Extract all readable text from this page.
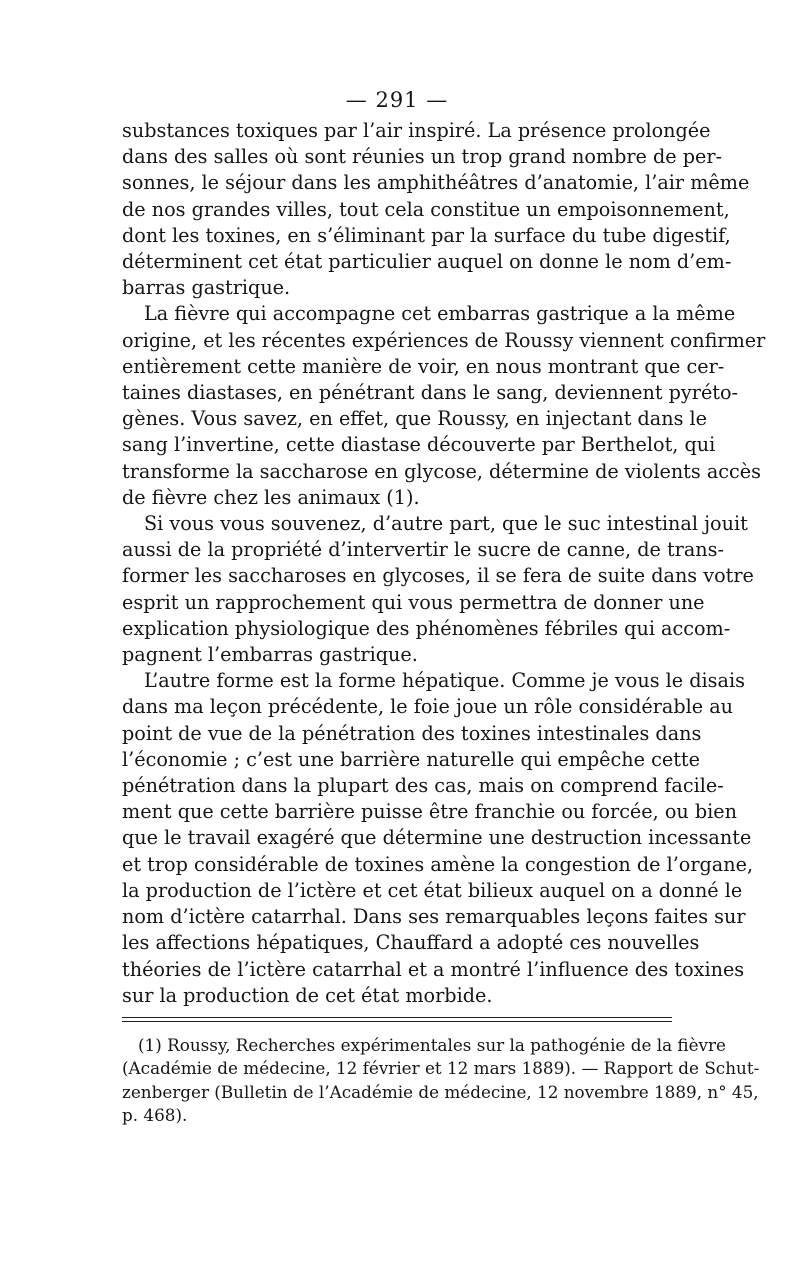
— 291 —
substances toxiques par l’air inspiré. La présence prolongée
dans des salles où sont réunies un trop grand nombre de per-
sonnes, le séjour dans les amphithéâtres d’anatomie, l’air même
de nos grandes villes, tout cela constitue un empoisonnement,
dont les toxines, en s’éliminant par la surface du tube digestif,
déterminent cet état particulier auquel on donne le nom d’em-
barras gastrique.
La fièvre qui accompagne cet embarras gastrique a la même
origine, et les récentes expériences de Roussy viennent confirmer
entièrement cette manière de voir, en nous montrant que cer-
taines diastases, en pénétrant dans le sang, deviennent pyréto-
gènes. Vous savez, en effet, que Roussy, en injectant dans le
sang l’invertine, cette diastase découverte par Berthelot, qui
transforme la saccharose en glycose, détermine de violents accès
de fièvre chez les animaux (1).
Si vous vous souvenez, d’autre part, que le suc intestinal jouit
aussi de la propriété d’intervertir le sucre de canne, de trans-
former les saccharoses en glycoses, il se fera de suite dans votre
esprit un rapprochement qui vous permettra de donner une
explication physiologique des phénomènes fébriles qui accom-
pagnent l’embarras gastrique.
L’autre forme est la forme hépatique. Comme je vous le disais
dans ma leçon précédente, le foie joue un rôle considérable au
point de vue de la pénétration des toxines intestinales dans
l’économie ; c’est une barrière naturelle qui empêche cette
pénétration dans la plupart des cas, mais on comprend facile-
ment que cette barrière puisse être franchie ou forcée, ou bien
que le travail exagéré que détermine une destruction incessante
et trop considérable de toxines amène la congestion de l’organe,
la production de l’ictère et cet état bilieux auquel on a donné le
nom d’ictère catarrhal. Dans ses remarquables leçons faites sur
les affections hépatiques, Chauffard a adopté ces nouvelles
théories de l’ictère catarrhal et a montré l’influence des toxines
sur la production de cet état morbide.
(1) Roussy, Recherches expérimentales sur la pathogénie de la fièvre
(Académie de médecine, 12 février et 12 mars 1889). — Rapport de Schut-
zenberger (Bulletin de l’Académie de médecine, 12 novembre 1889, n° 45,
p. 468).
